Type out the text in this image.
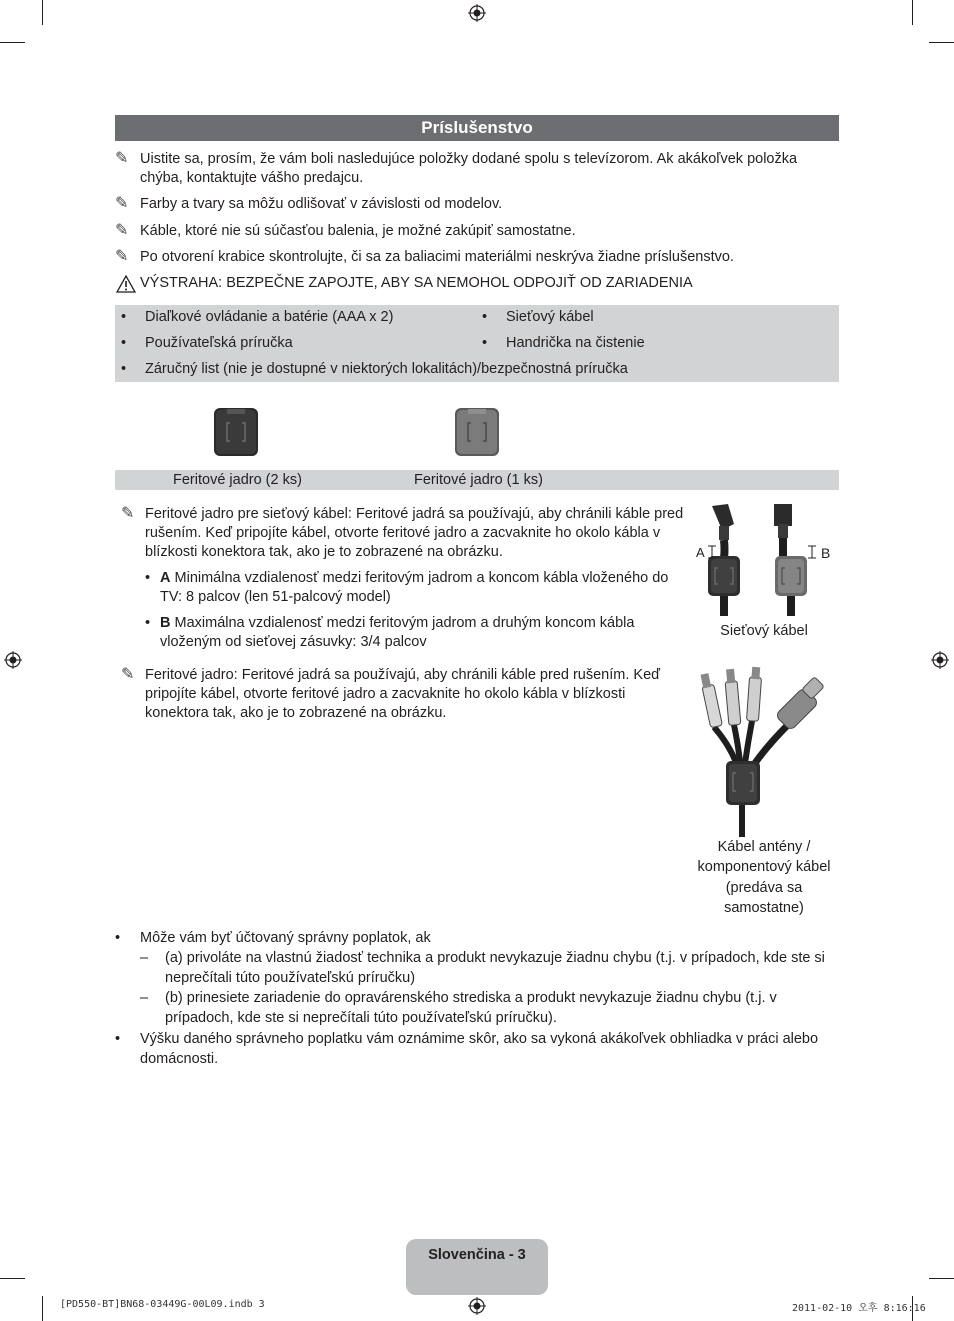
Príslušenstvo
✎ Uistite sa, prosím, že vám boli nasledujúce položky dodané spolu s televízorom. Ak akákoľvek položka chýba, kontaktujte vášho predajcu.
✎ Farby a tvary sa môžu odlišovať v závislosti od modelov.
✎ Káble, ktoré nie sú súčasťou balenia, je možné zakúpiť samostatne.
✎ Po otvorení krabice skontrolujte, či sa za baliacimi materiálmi neskrýva žiadne príslušenstvo.
VÝSTRAHA: BEZPEČNE ZAPOJTE, ABY SA NEMOHOL ODPOJIŤ OD ZARIADENIA
• Diaľkové ovládanie a batérie (AAA x 2)
• Používateľská príručka
• Sieťový kábel
• Handrička na čistenie
• Záručný list (nie je dostupné v niektorých lokalitách)/bezpečnostná príručka
Feritové jadro (2 ks)	Feritové jadro (1 ks)
✎ Feritové jadro pre sieťový kábel: Feritové jadrá sa používajú, aby chránili káble pred rušením. Keď pripojíte kábel, otvorte feritové jadro a zacvaknite ho okolo kábla v blízkosti konektora tak, ako je to zobrazené na obrázku.
• A Minimálna vzdialenosť medzi feritovým jadrom a koncom kábla vloženého do TV: 8 palcov (len 51-palcový model)
• B Maximálna vzdialenosť medzi feritovým jadrom a druhým koncom kábla vloženým od sieťovej zásuvky: 3/4 palcov
✎ Feritové jadro: Feritové jadrá sa používajú, aby chránili káble pred rušením. Keď pripojíte kábel, otvorte feritové jadro a zacvaknite ho okolo kábla v blízkosti konektora tak, ako je to zobrazené na obrázku.
A	B
Sieťový kábel
Kábel antény / komponentový kábel
(predáva sa samostatne)
• Môže vám byť účtovaný správny poplatok, ak
– (a) privoláte na vlastnú žiadosť technika a produkt nevykazuje žiadnu chybu (t.j. v prípadoch, kde ste si neprečítali túto používateľskú príručku)
– (b) prinesiete zariadenie do opravárenského strediska a produkt nevykazuje žiadnu chybu (t.j. v prípadoch, kde ste si neprečítali túto používateľskú príručku).
• Výšku daného správneho poplatku vám oznámime skôr, ako sa vykoná akákoľvek obhliadka v práci alebo domácnosti.
Slovenčina - 3
[PD550-BT]BN68-03449G-00L09.indb 3	2011-02-10 오후 8:16:16
